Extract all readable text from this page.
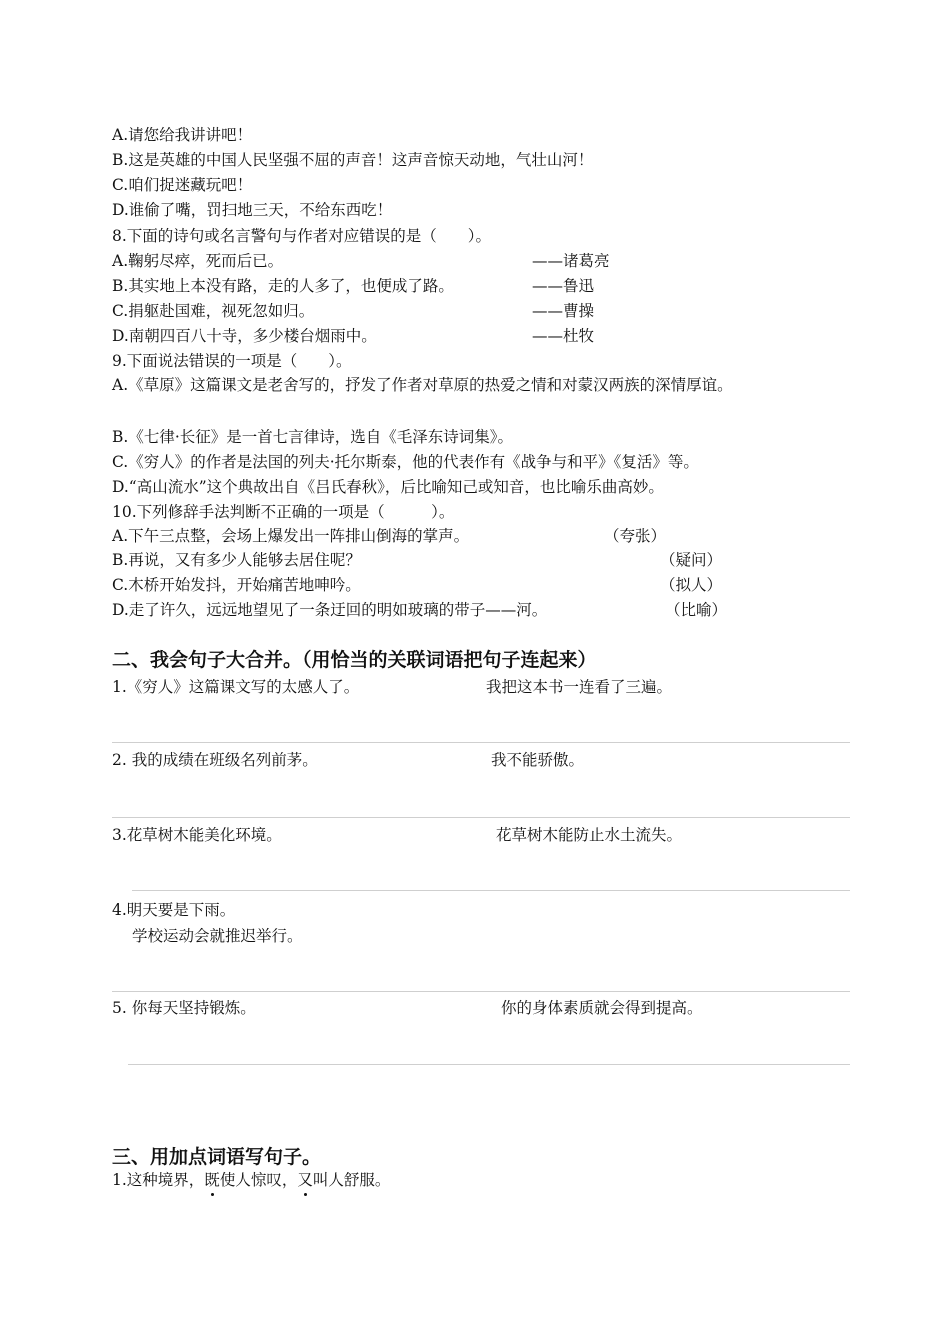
A.请您给我讲讲吧！
B.这是英雄的中国人民坚强不屈的声音！这声音惊天动地，气壮山河！
C.咱们捉迷藏玩吧！
D.谁偷了嘴，罚扫地三天，不给东西吃！
8.下面的诗句或名言警句与作者对应错误的是（　　）。
A.鞠躬尽瘁，死而后已。	——诸葛亮
B.其实地上本没有路，走的人多了，也便成了路。	——鲁迅
C.捐躯赴国难，视死忽如归。	——曹操
D.南朝四百八十寺，多少楼台烟雨中。	——杜牧
9.下面说法错误的一项是（　　）。
A.《草原》这篇课文是老舍写的，抒发了作者对草原的热爱之情和对蒙汉两族的深情厚谊。
B.《七律·长征》是一首七言律诗，选自《毛泽东诗词集》。
C.《穷人》的作者是法国的列夫·托尔斯泰，他的代表作有《战争与和平》《复活》等。
D.“高山流水”这个典故出自《吕氏春秋》，后比喻知己或知音，也比喻乐曲高妙。
10.下列修辞手法判断不正确的一项是（　　　）。
A.下午三点整，会场上爆发出一阵排山倒海的掌声。	（夸张）
B.再说，又有多少人能够去居住呢？	（疑问）
C.木桥开始发抖，开始痛苦地呻吟。	（拟人）
D.走了许久，远远地望见了一条迂回的明如玻璃的带子——河。	（比喻）
二、我会句子大合并。（用恰当的关联词语把句子连起来）
1.《穷人》这篇课文写的太感人了。	我把这本书一连看了三遍。
2. 我的成绩在班级名列前茅。	我不能骄傲。
3.花草树木能美化环境。	花草树木能防止水土流失。
4.明天要是下雨。
学校运动会就推迟举行。
5. 你每天坚持锻炼。	你的身体素质就会得到提高。
三、用加点词语写句子。
1.这种境界，既使人惊叹，又叫人舒服。
